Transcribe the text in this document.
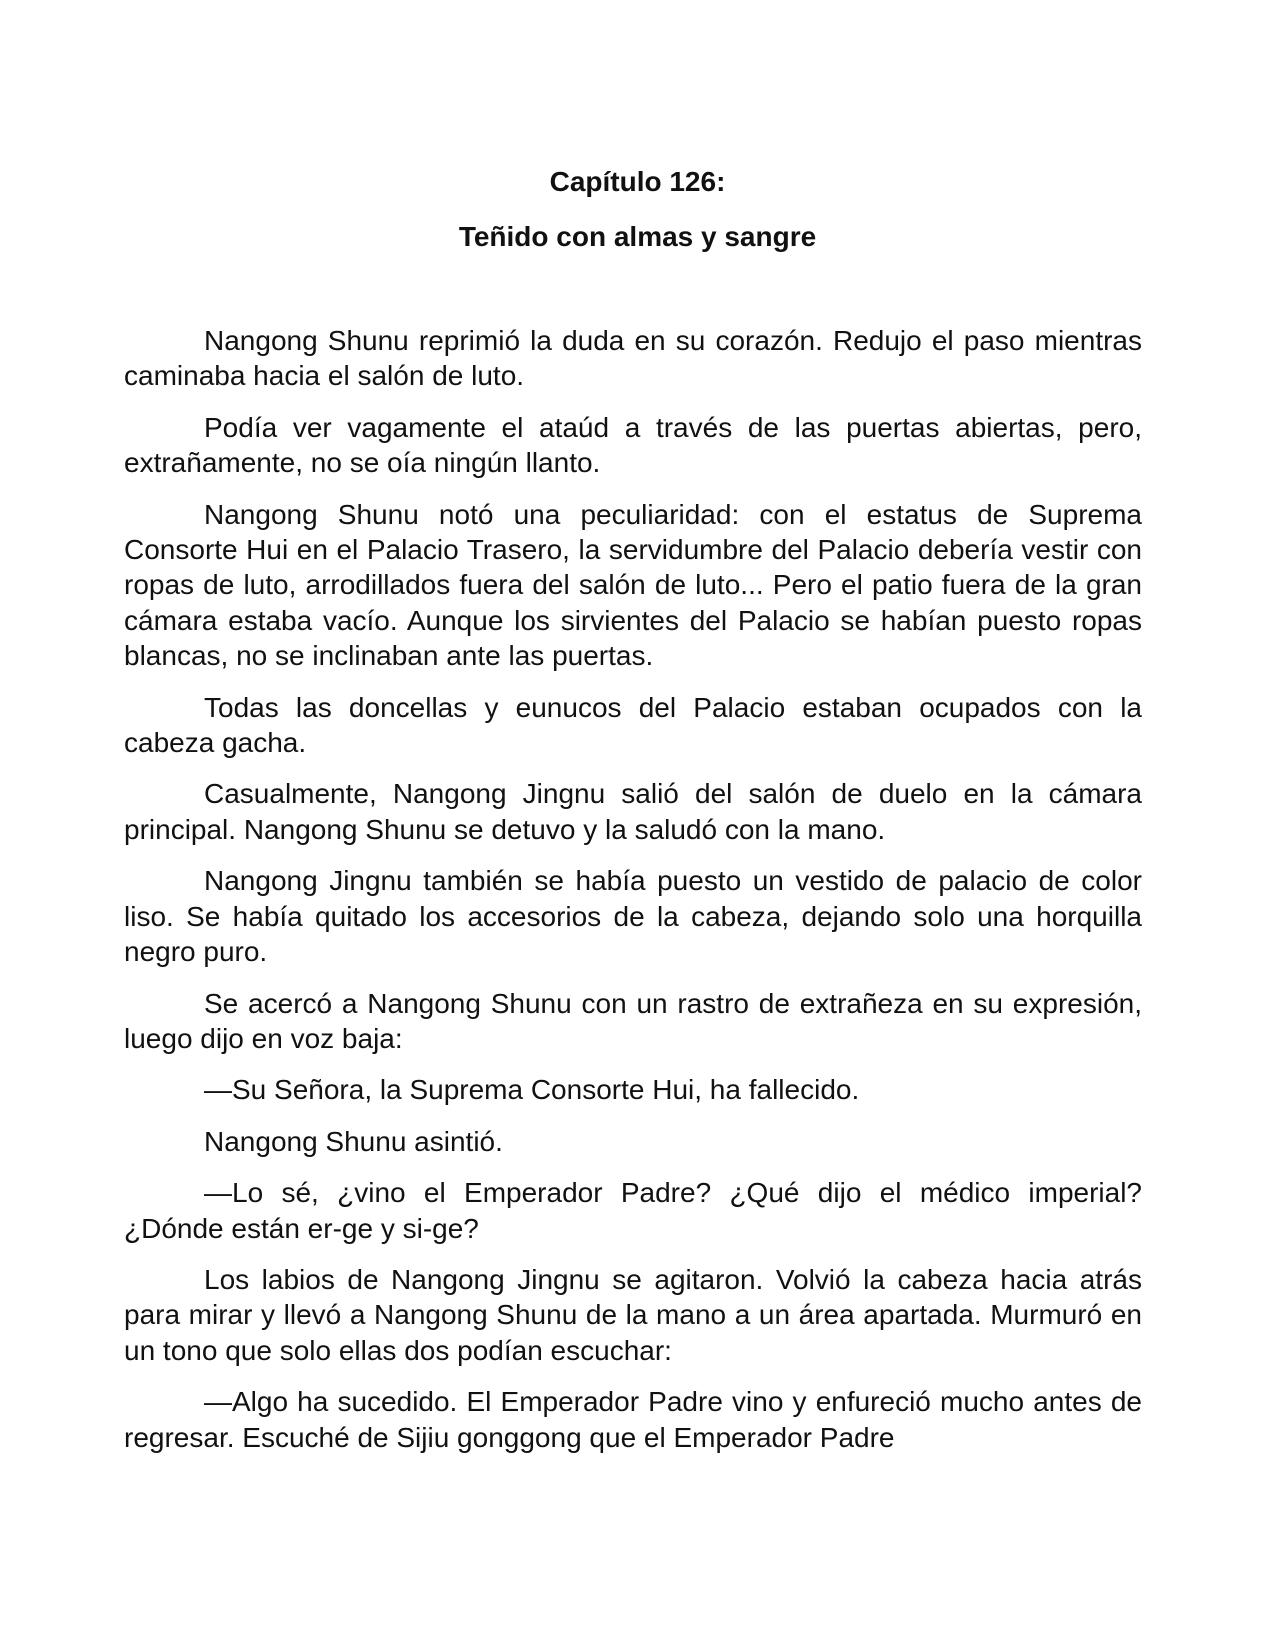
Capítulo 126:
Teñido con almas y sangre

Nangong Shunu reprimió la duda en su corazón. Redujo el paso mientras caminaba hacia el salón de luto.

Podía ver vagamente el ataúd a través de las puertas abiertas, pero, extrañamente, no se oía ningún llanto.

Nangong Shunu notó una peculiaridad: con el estatus de Suprema Consorte Hui en el Palacio Trasero, la servidumbre del Palacio debería vestir con ropas de luto, arrodillados fuera del salón de luto... Pero el patio fuera de la gran cámara estaba vacío. Aunque los sirvientes del Palacio se habían puesto ropas blancas, no se inclinaban ante las puertas.

Todas las doncellas y eunucos del Palacio estaban ocupados con la cabeza gacha.

Casualmente, Nangong Jingnu salió del salón de duelo en la cámara principal. Nangong Shunu se detuvo y la saludó con la mano.

Nangong Jingnu también se había puesto un vestido de palacio de color liso. Se había quitado los accesorios de la cabeza, dejando solo una horquilla negro puro.

Se acercó a Nangong Shunu con un rastro de extrañeza en su expresión, luego dijo en voz baja:

—Su Señora, la Suprema Consorte Hui, ha fallecido.

Nangong Shunu asintió.

—Lo sé, ¿vino el Emperador Padre? ¿Qué dijo el médico imperial? ¿Dónde están er-ge y si-ge?

Los labios de Nangong Jingnu se agitaron. Volvió la cabeza hacia atrás para mirar y llevó a Nangong Shunu de la mano a un área apartada. Murmuró en un tono que solo ellas dos podían escuchar:

—Algo ha sucedido. El Emperador Padre vino y enfureció mucho antes de regresar. Escuché de Sijiu gonggong que el Emperador Padre
